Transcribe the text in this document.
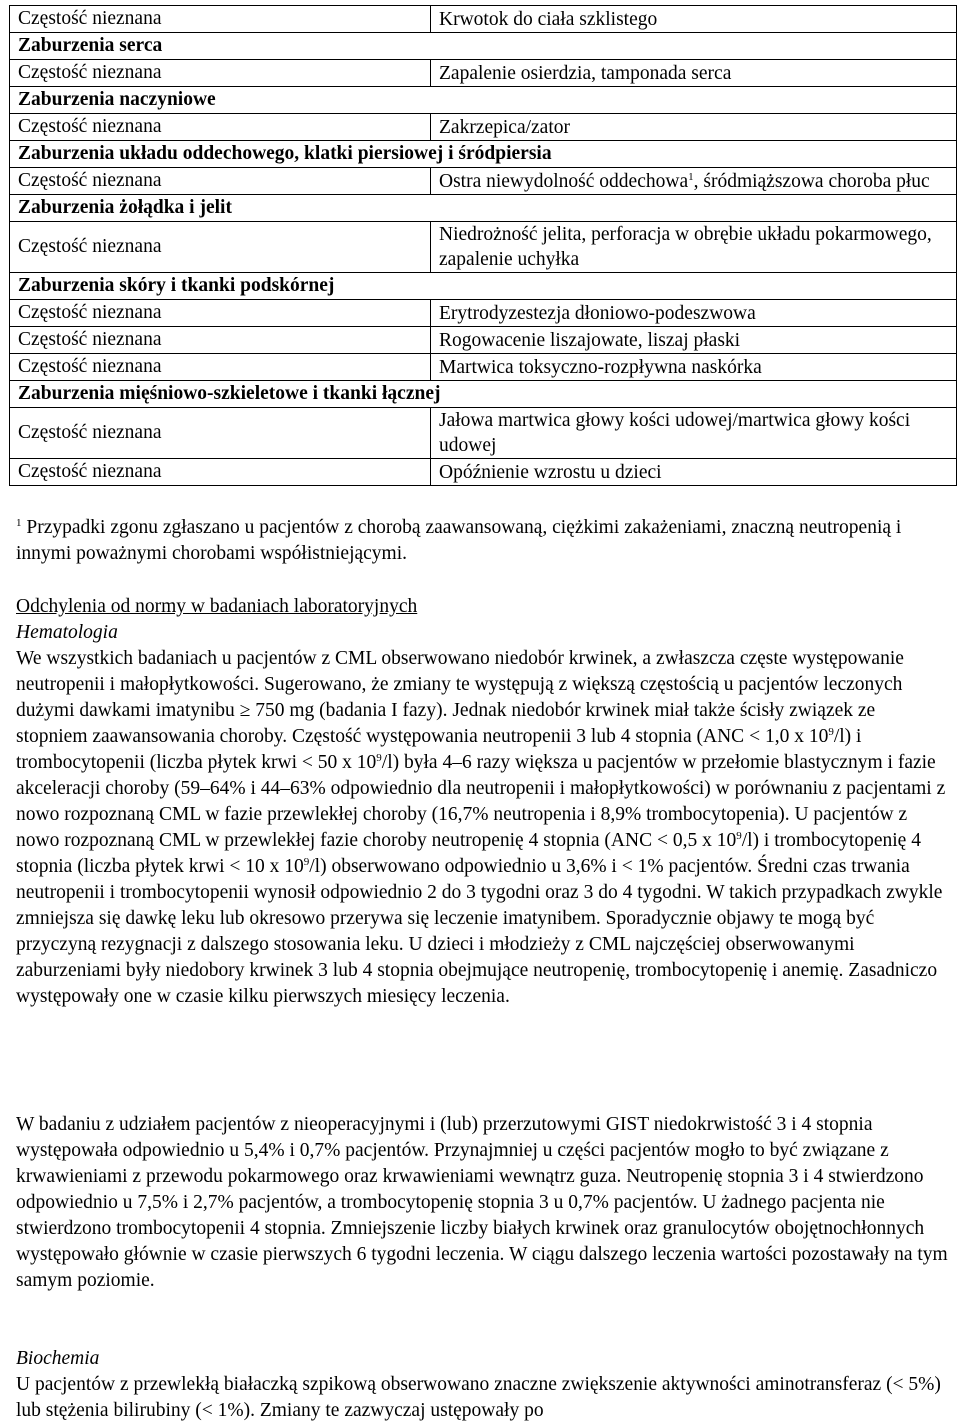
Częstość nieznana	Krwotok do ciała szklistego
Zaburzenia serca	
Częstość nieznana	Zapalenie osierdzia, tamponada serca
Zaburzenia naczyniowe	
Częstość nieznana	Zakrzepica/zator
Zaburzenia układu oddechowego, klatki piersiowej i śródpiersia	
Częstość nieznana	Ostra niewydolność oddechowa$^1$, śródmiąższowa choroba płuc
Zaburzenia żołądka i jelit	
Częstość nieznana	Niedrożność jelita, perforacja w obrębie układu pokarmowego, zapalenie uchyłka
Zaburzenia skóry i tkanki podskórnej	
Częstość nieznana	Erytrodyzestezja dłoniowo-podeszwowa
Częstość nieznana	Rogowacenie liszajowate, liszaj płaski
Częstość nieznana	Martwica toksyczno-rozpływna naskórka
Zaburzenia mięśniowo-szkieletowe i tkanki łącznej	
Częstość nieznana	Jałowa martwica głowy kości udowej/martwica głowy kości udowej
Częstość nieznana	Opóźnienie wzrostu u dzieci
$^1$ Przypadki zgonu zgłaszano u pacjentów z chorobą zaawansowaną, ciężkimi zakażeniami, znaczną neutropenią i innymi poważnymi chorobami współistniejącymi.
Odchylenia od normy w badaniach laboratoryjnych
Hematologia
We wszystkich badaniach u pacjentów z CML obserwowano niedobór krwinek, a zwłaszcza częste występowanie neutropenii i małopłytkowości. Sugerowano, że zmiany te występują z większą częstością u pacjentów leczonych dużymi dawkami imatynibu ≥ 750 mg (badania I fazy). Jednak niedobór krwinek miał także ścisły związek ze stopniem zaawansowania choroby. Częstość występowania neutropenii 3 lub 4 stopnia (ANC < 1,0 x $10^9/l$) i trombocytopenii (liczba płytek krwi < 50 x $10^9/l$) była 4–6 razy większa u pacjentów w przełomie blastycznym i fazie akceleracji choroby (59–64% i 44–63% odpowiednio dla neutropenii i małopłytkowości) w porównaniu z pacjentami z nowo rozpoznaną CML w fazie przewlekłej choroby (16,7% neutropenia i 8,9% trombocytopenia). U pacjentów z nowo rozpoznaną CML w przewlekłej fazie choroby neutropenię 4 stopnia (ANC < 0,5 x $10^9/l$) i trombocytopenię 4 stopnia (liczba płytek krwi < 10 x $10^9/l$) obserwowano odpowiednio u 3,6% i < 1% pacjentów. Średni czas trwania neutropenii i trombocytopenii wynosił odpowiednio 2 do 3 tygodni oraz 3 do 4 tygodni. W takich przypadkach zwykle zmniejsza się dawkę leku lub okresowo przerywa się leczenie imatynibem. Sporadycznie objawy te mogą być przyczyną rezygnacji z dalszego stosowania leku. U dzieci i młodzieży z CML najczęściej obserwowanymi zaburzeniami były niedobory krwinek 3 lub 4 stopnia obejmujące neutropenię, trombocytopenię i anemię. Zasadniczo występowały one w czasie kilku pierwszych miesięcy leczenia.
W badaniu z udziałem pacjentów z nieoperacyjnymi i (lub) przerzutowymi GIST niedokrwistość 3 i 4 stopnia występowała odpowiednio u 5,4% i 0,7% pacjentów. Przynajmniej u części pacjentów mogło to być związane z krwawieniami z przewodu pokarmowego oraz krwawieniami wewnątrz guza. Neutropenię stopnia 3 i 4 stwierdzono odpowiednio u 7,5% i 2,7% pacjentów, a trombocytopenię stopnia 3 u 0,7% pacjentów. U żadnego pacjenta nie stwierdzono trombocytopenii 4 stopnia. Zmniejszenie liczby białych krwinek oraz granulocytów obojętnochłonnych występowało głównie w czasie pierwszych 6 tygodni leczenia. W ciągu dalszego leczenia wartości pozostawały na tym samym poziomie.
Biochemia
U pacjentów z przewlekłą białaczką szpikową obserwowano znaczne zwiększenie aktywności aminotransferaz (< 5%) lub stężenia bilirubiny (< 1%). Zmiany te zazwyczaj ustępowały po
